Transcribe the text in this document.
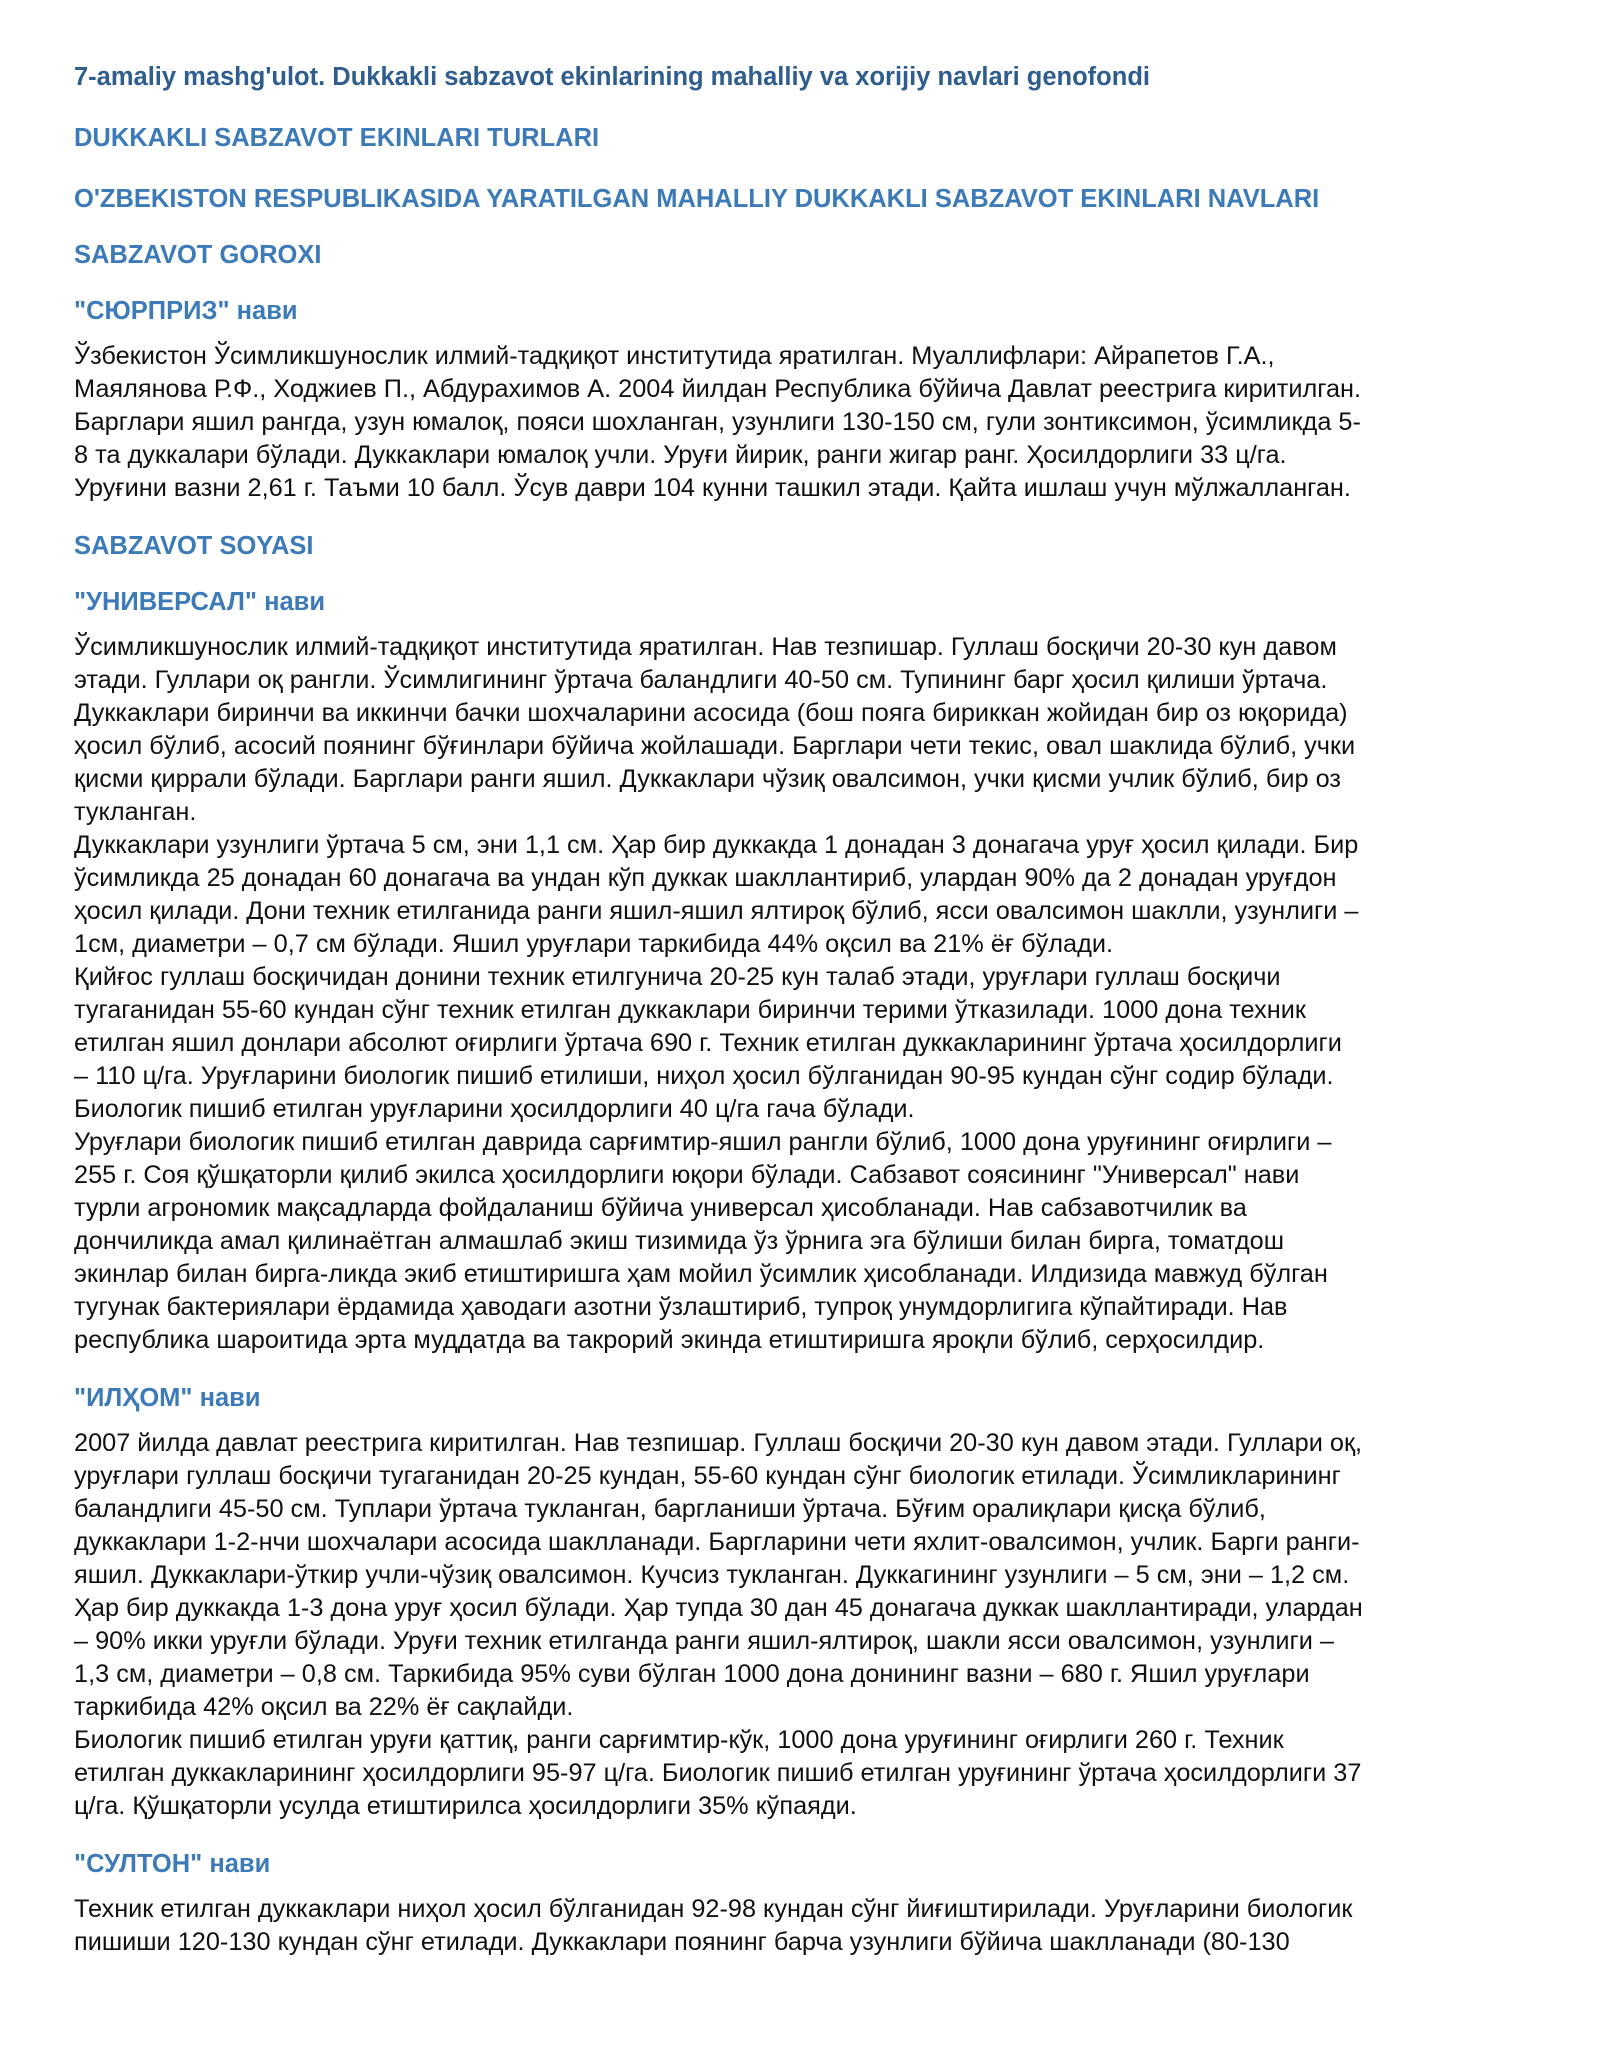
7-amaliy mashg'ulot. Dukkakli sabzavot ekinlarining mahalliy va xorijiy navlari genofondi
DUKKAKLI SABZAVOT EKINLARI TURLARI
O'ZBEKISTON RESPUBLIKASIDA YARATILGAN MAHALLIY DUKKAKLI SABZAVOT EKINLARI NAVLARI
SABZAVOT GOROXI
"СЮРПРИЗ" нави
Ўзбекистон Ўсимликшунослик илмий-тадқиқот институтида яратилган. Муаллифлари: Айрапетов Г.А.,
Маялянова Р.Ф., Ходжиев П., Абдурахимов А. 2004 йилдан Республика бўйича Давлат реестрига киритилган.
Барглари яшил рангда, узун юмалоқ, пояси шохланган, узунлиги 130-150 см, гули зонтиксимон, ўсимликда 5-
8 та дуккалари бўлади. Дуккаклари юмалоқ учли. Уруғи йирик, ранги жигар ранг. Ҳосилдорлиги 33 ц/га.
Уруғини вазни 2,61 г. Таъми 10 балл. Ўсув даври 104 кунни ташкил этади. Қайта ишлаш учун мўлжалланган.
SABZAVOT SOYASI
"УНИВЕРСАЛ" нави
Ўсимликшунослик илмий-тадқиқот институтида яратилган. Нав тезпишар. Гуллаш босқичи 20-30 кун давом
этади. Гуллари оқ рангли. Ўсимлигининг ўртача баландлиги 40-50 см. Тупининг барг ҳосил қилиши ўртача.
Дуккаклари биринчи ва иккинчи бачки шохчаларини асосида (бош пояга бириккан жойидан бир оз юқорида)
ҳосил бўлиб, асосий поянинг бўғинлари бўйича жойлашади. Барглари чети текис, овал шаклида бўлиб, учки
қисми қиррали бўлади. Барглари ранги яшил. Дуккаклари чўзиқ овалсимон, учки қисми учлик бўлиб, бир оз
тукланган.
Дуккаклари узунлиги ўртача 5 см, эни 1,1 см. Ҳар бир дуккакда 1 донадан 3 донагача уруғ ҳосил қилади. Бир
ўсимликда 25 донадан 60 донагача ва ундан кўп дуккак шакллантириб, улардан 90% да 2 донадан уруғдон
ҳосил қилади. Дони техник етилганида ранги яшил-яшил ялтироқ бўлиб, ясси овалсимон шаклли, узунлиги –
1см, диаметри – 0,7 см бўлади. Яшил уруғлари таркибида 44% оқсил ва 21% ёғ бўлади.
Қийғос гуллаш босқичидан донини техник етилгунича 20-25 кун талаб этади, уруғлари гуллаш босқичи
тугаганидан 55-60 кундан сўнг техник етилган дуккаклари биринчи терими ўтказилади. 1000 дона техник
етилган яшил донлари абсолют оғирлиги ўртача 690 г. Техник етилган дуккакларининг ўртача ҳосилдорлиги
– 110 ц/га. Уруғларини биологик пишиб етилиши, ниҳол ҳосил бўлганидан 90-95 кундан сўнг содир бўлади.
Биологик пишиб етилган уруғларини ҳосилдорлиги 40 ц/га гача бўлади.
Уруғлари биологик пишиб етилган даврида сарғимтир-яшил рангли бўлиб, 1000 дона уруғининг оғирлиги –
255 г. Соя қўшқаторли қилиб экилса ҳосилдорлиги юқори бўлади. Сабзавот соясининг "Универсал" нави
турли агрономик мақсадларда фойдаланиш бўйича универсал ҳисобланади. Нав сабзавотчилик ва
дончиликда амал қилинаётган алмашлаб экиш тизимида ўз ўрнига эга бўлиши билан бирга, томатдош
экинлар билан бирга-ликда экиб етиштиришга ҳам мойил ўсимлик ҳисобланади. Илдизида мавжуд бўлган
тугунак бактериялари ёрдамида ҳаводаги азотни ўзлаштириб, тупроқ унумдорлигига кўпайтиради. Нав
республика шароитида эрта муддатда ва такрорий экинда етиштиришга яроқли бўлиб, серҳосилдир.
"ИЛҲОМ" нави
2007 йилда давлат реестрига киритилган. Нав тезпишар. Гуллаш босқичи 20-30 кун давом этади. Гуллари оқ,
уруғлари гуллаш босқичи тугаганидан 20-25 кундан, 55-60 кундан сўнг биологик етилади. Ўсимликларининг
баландлиги 45-50 см. Туплари ўртача тукланган, баргланиши ўртача. Бўғим оралиқлари қисқа бўлиб,
дуккаклари 1-2-нчи шохчалари асосида шаклланади. Баргларини чети яхлит-овалсимон, учлик. Барги ранги-
яшил. Дуккаклари-ўткир учли-чўзиқ овалсимон. Кучсиз тукланган. Дуккагининг узунлиги – 5 см, эни – 1,2 см.
Ҳар бир дуккакда 1-3 дона уруғ ҳосил бўлади. Ҳар тупда 30 дан 45 донагача дуккак шакллантиради, улардан
– 90% икки уруғли бўлади. Уруғи техник етилганда ранги яшил-ялтироқ, шакли ясси овалсимон, узунлиги –
1,3 см, диаметри – 0,8 см. Таркибида 95% суви бўлган 1000 дона донининг вазни – 680 г. Яшил уруғлари
таркибида 42% оқсил ва 22% ёғ сақлайди.
Биологик пишиб етилган уруғи қаттиқ, ранги сарғимтир-кўк, 1000 дона уруғининг оғирлиги 260 г. Техник
етилган дуккакларининг ҳосилдорлиги 95-97 ц/га. Биологик пишиб етилган уруғининг ўртача ҳосилдорлиги 37
ц/га. Қўшқаторли усулда етиштирилса ҳосилдорлиги 35% кўпаяди.
"СУЛТОН" нави
Техник етилган дуккаклари ниҳол ҳосил бўлганидан 92-98 кундан сўнг йиғиштирилади. Уруғларини биологик
пишиши 120-130 кундан сўнг етилади. Дуккаклари поянинг барча узунлиги бўйича шаклланади (80-130
